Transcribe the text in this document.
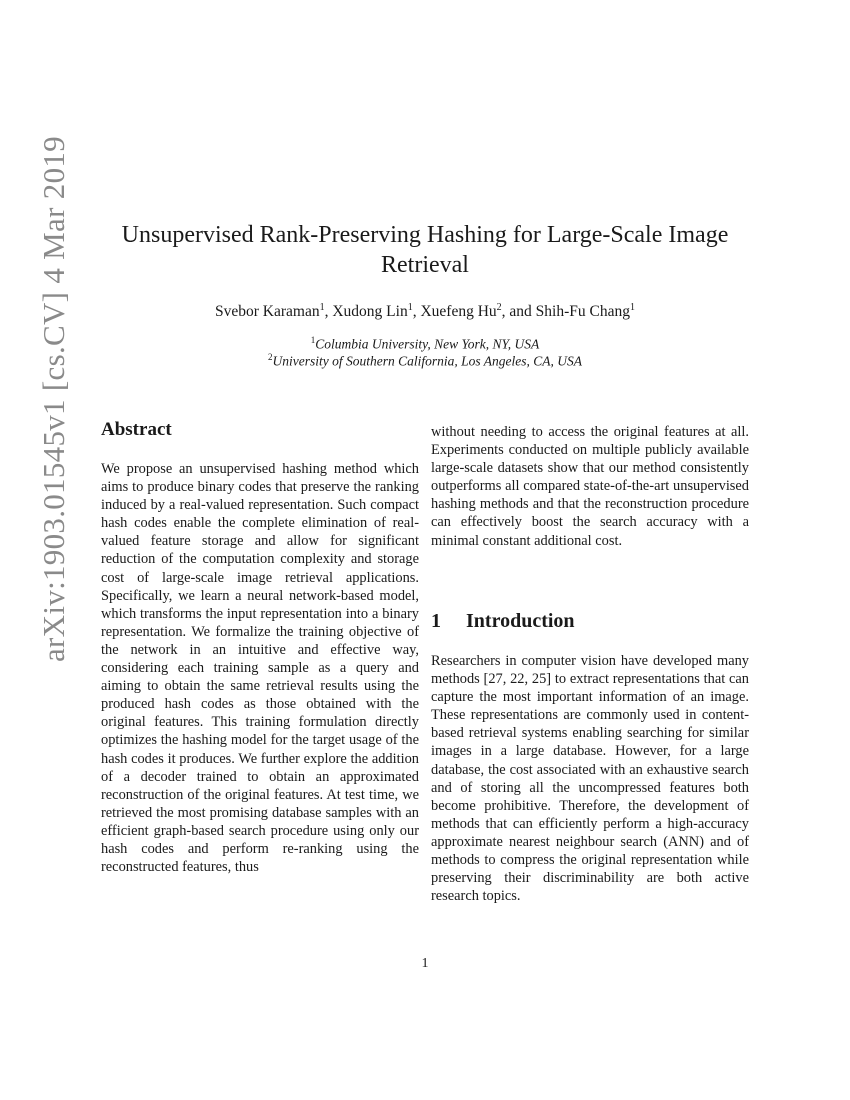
arXiv:1903.01545v1 [cs.CV] 4 Mar 2019	Unsupervised Rank-Preserving Hashing for Large-Scale Image Retrieval
Svebor Karaman$^1$, Xudong Lin$^1$, Xuefeng Hu$^2$, and Shih-Fu Chang$^1$
$^1$Columbia University, New York, NY, USA
$^2$University of Southern California, Los Angeles, CA, USA
Abstract
We propose an unsupervised hashing method which aims to produce binary codes that preserve the ranking induced by a real-valued representation. Such compact hash codes enable the complete elimination of real-valued feature storage and allow for significant reduction of the computation complexity and storage cost of large-scale image retrieval applications. Specifically, we learn a neural network-based model, which transforms the input representation into a binary representation. We formalize the training objective of the network in an intuitive and effective way, considering each training sample as a query and aiming to obtain the same retrieval results using the produced hash codes as those obtained with the original features. This training formulation directly optimizes the hashing model for the target usage of the hash codes it produces. We further explore the addition of a decoder trained to obtain an approximated reconstruction of the original features. At test time, we retrieved the most promising database samples with an efficient graph-based search procedure using only our hash codes and perform re-ranking using the reconstructed features, thus
without needing to access the original features at all. Experiments conducted on multiple publicly available large-scale datasets show that our method consistently outperforms all compared state-of-the-art unsupervised hashing methods and that the reconstruction procedure can effectively boost the search accuracy with a minimal constant additional cost.
1 Introduction
Researchers in computer vision have developed many methods [27, 22, 25] to extract representations that can capture the most important information of an image. These representations are commonly used in content-based retrieval systems enabling searching for similar images in a large database. However, for a large database, the cost associated with an exhaustive search and of storing all the uncompressed features both become prohibitive. Therefore, the development of methods that can efficiently perform a high-accuracy approximate nearest neighbour search (ANN) and of methods to compress the original representation while preserving their discriminability are both active research topics.
1
